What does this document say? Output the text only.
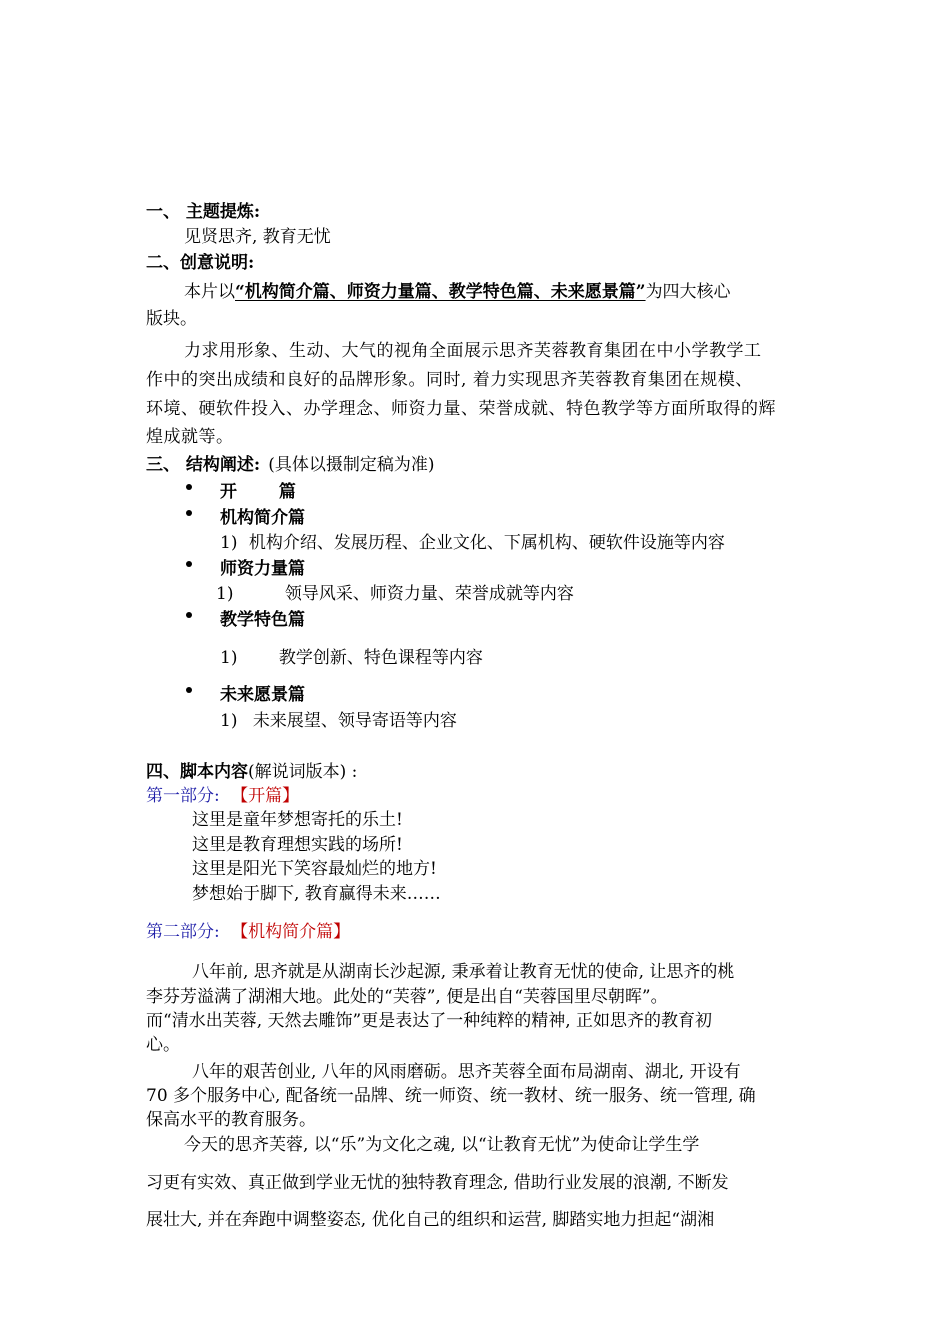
一、 主题提炼:
见贤思齐, 教育无忧
二、创意说明:
本片以“机构简介篇、师资力量篇、教学特色篇、未来愿景篇”为四大核心
版块。
力求用形象、生动、大气的视角全面展示思齐芙蓉教育集团在中小学教学工
作中的突出成绩和良好的品牌形象。同时, 着力实现思齐芙蓉教育集团在规模、
环境、硬软件投入、办学理念、师资力量、荣誉成就、特色教学等方面所取得的辉
煌成就等。
三、 结构阐述: (具体以摄制定稿为准)
开  篇
机构简介篇
1) 机构介绍、发展历程、企业文化、下属机构、硬软件设施等内容
师资力量篇
1)	领导风采、师资力量、荣誉成就等内容
教学特色篇
1) 教学创新、特色课程等内容
未来愿景篇
1) 未来展望、领导寄语等内容
四、脚本内容(解说词版本) :
第一部分: 【开篇】
这里是童年梦想寄托的乐土!
这里是教育理想实践的场所!
这里是阳光下笑容最灿烂的地方!
梦想始于脚下, 教育赢得未来……
第二部分: 【机构简介篇】
八年前, 思齐就是从湖南长沙起源, 秉承着让教育无忧的使命, 让思齐的桃
李芬芳溢满了湖湘大地。此处的“芙蓉”, 便是出自“芙蓉国里尽朝晖”。
而“清水出芙蓉, 天然去雕饰”更是表达了一种纯粹的精神, 正如思齐的教育初
心。
八年的艰苦创业, 八年的风雨磨砺。思齐芙蓉全面布局湖南、湖北, 开设有
70 多个服务中心, 配备统一品牌、统一师资、统一教材、统一服务、统一管理, 确
保高水平的教育服务。
今天的思齐芙蓉, 以“乐”为文化之魂, 以“让教育无忧”为使命让学生学
习更有实效、真正做到学业无忧的独特教育理念, 借助行业发展的浪潮, 不断发
展壮大, 并在奔跑中调整姿态, 优化自己的组织和运营, 脚踏实地力担起“湖湘
